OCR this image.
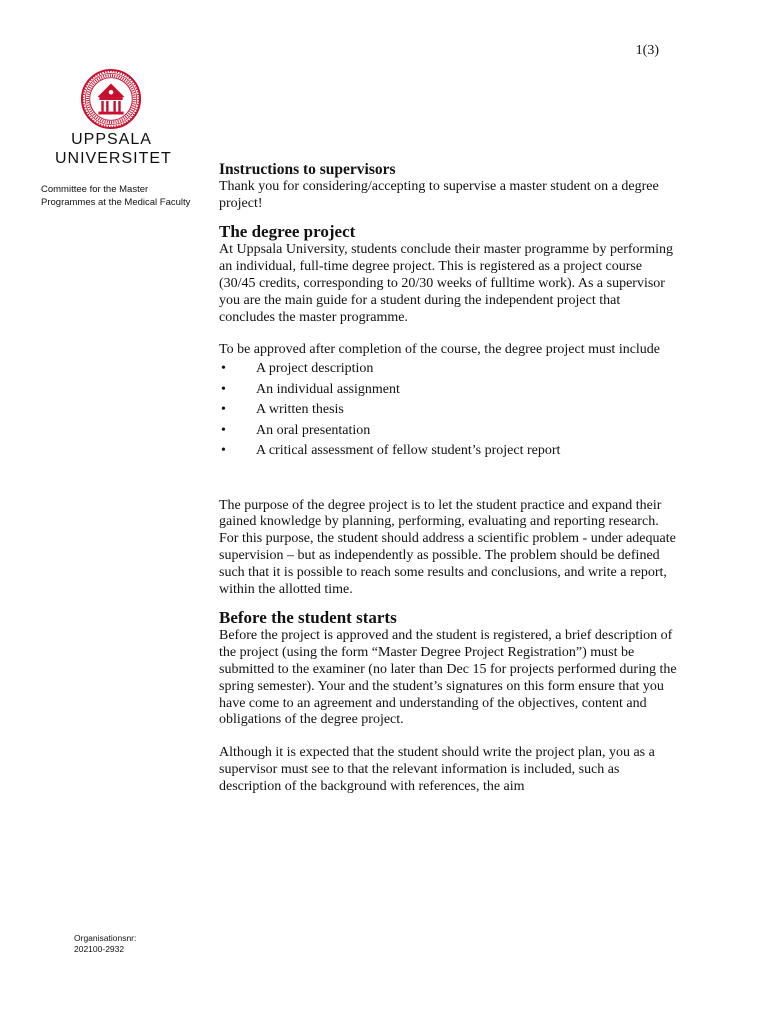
1(3)
UPPSALA
UNIVERSITET
Committee for the Master Programmes at the Medical Faculty
Organisationsnr:
202100-2932

Instructions to supervisors

Thank you for considering/accepting to supervise a master student on a degree project!

The degree project

At Uppsala University, students conclude their master programme by performing an individual, full-time degree project. This is registered as a project course (30/45 credits, corresponding to 20/30 weeks of fulltime work). As a supervisor you are the main guide for a student during the independent project that concludes the master programme.

To be approved after completion of the course, the degree project must include

• A project description
• An individual assignment
• A written thesis
• An oral presentation
• A critical assessment of fellow student’s project report

The purpose of the degree project is to let the student practice and expand their gained knowledge by planning, performing, evaluating and reporting research. For this purpose, the student should address a scientific problem - under adequate supervision – but as independently as possible. The problem should be defined such that it is possible to reach some results and conclusions, and write a report, within the allotted time.

Before the student starts

Before the project is approved and the student is registered, a brief description of the project (using the form “Master Degree Project Registration”) must be submitted to the examiner (no later than Dec 15 for projects performed during the spring semester). Your and the student’s signatures on this form ensure that you have come to an agreement and understanding of the objectives, content and obligations of the degree project.

Although it is expected that the student should write the project plan, you as a supervisor must see to that the relevant information is included, such as description of the background with references, the aim
